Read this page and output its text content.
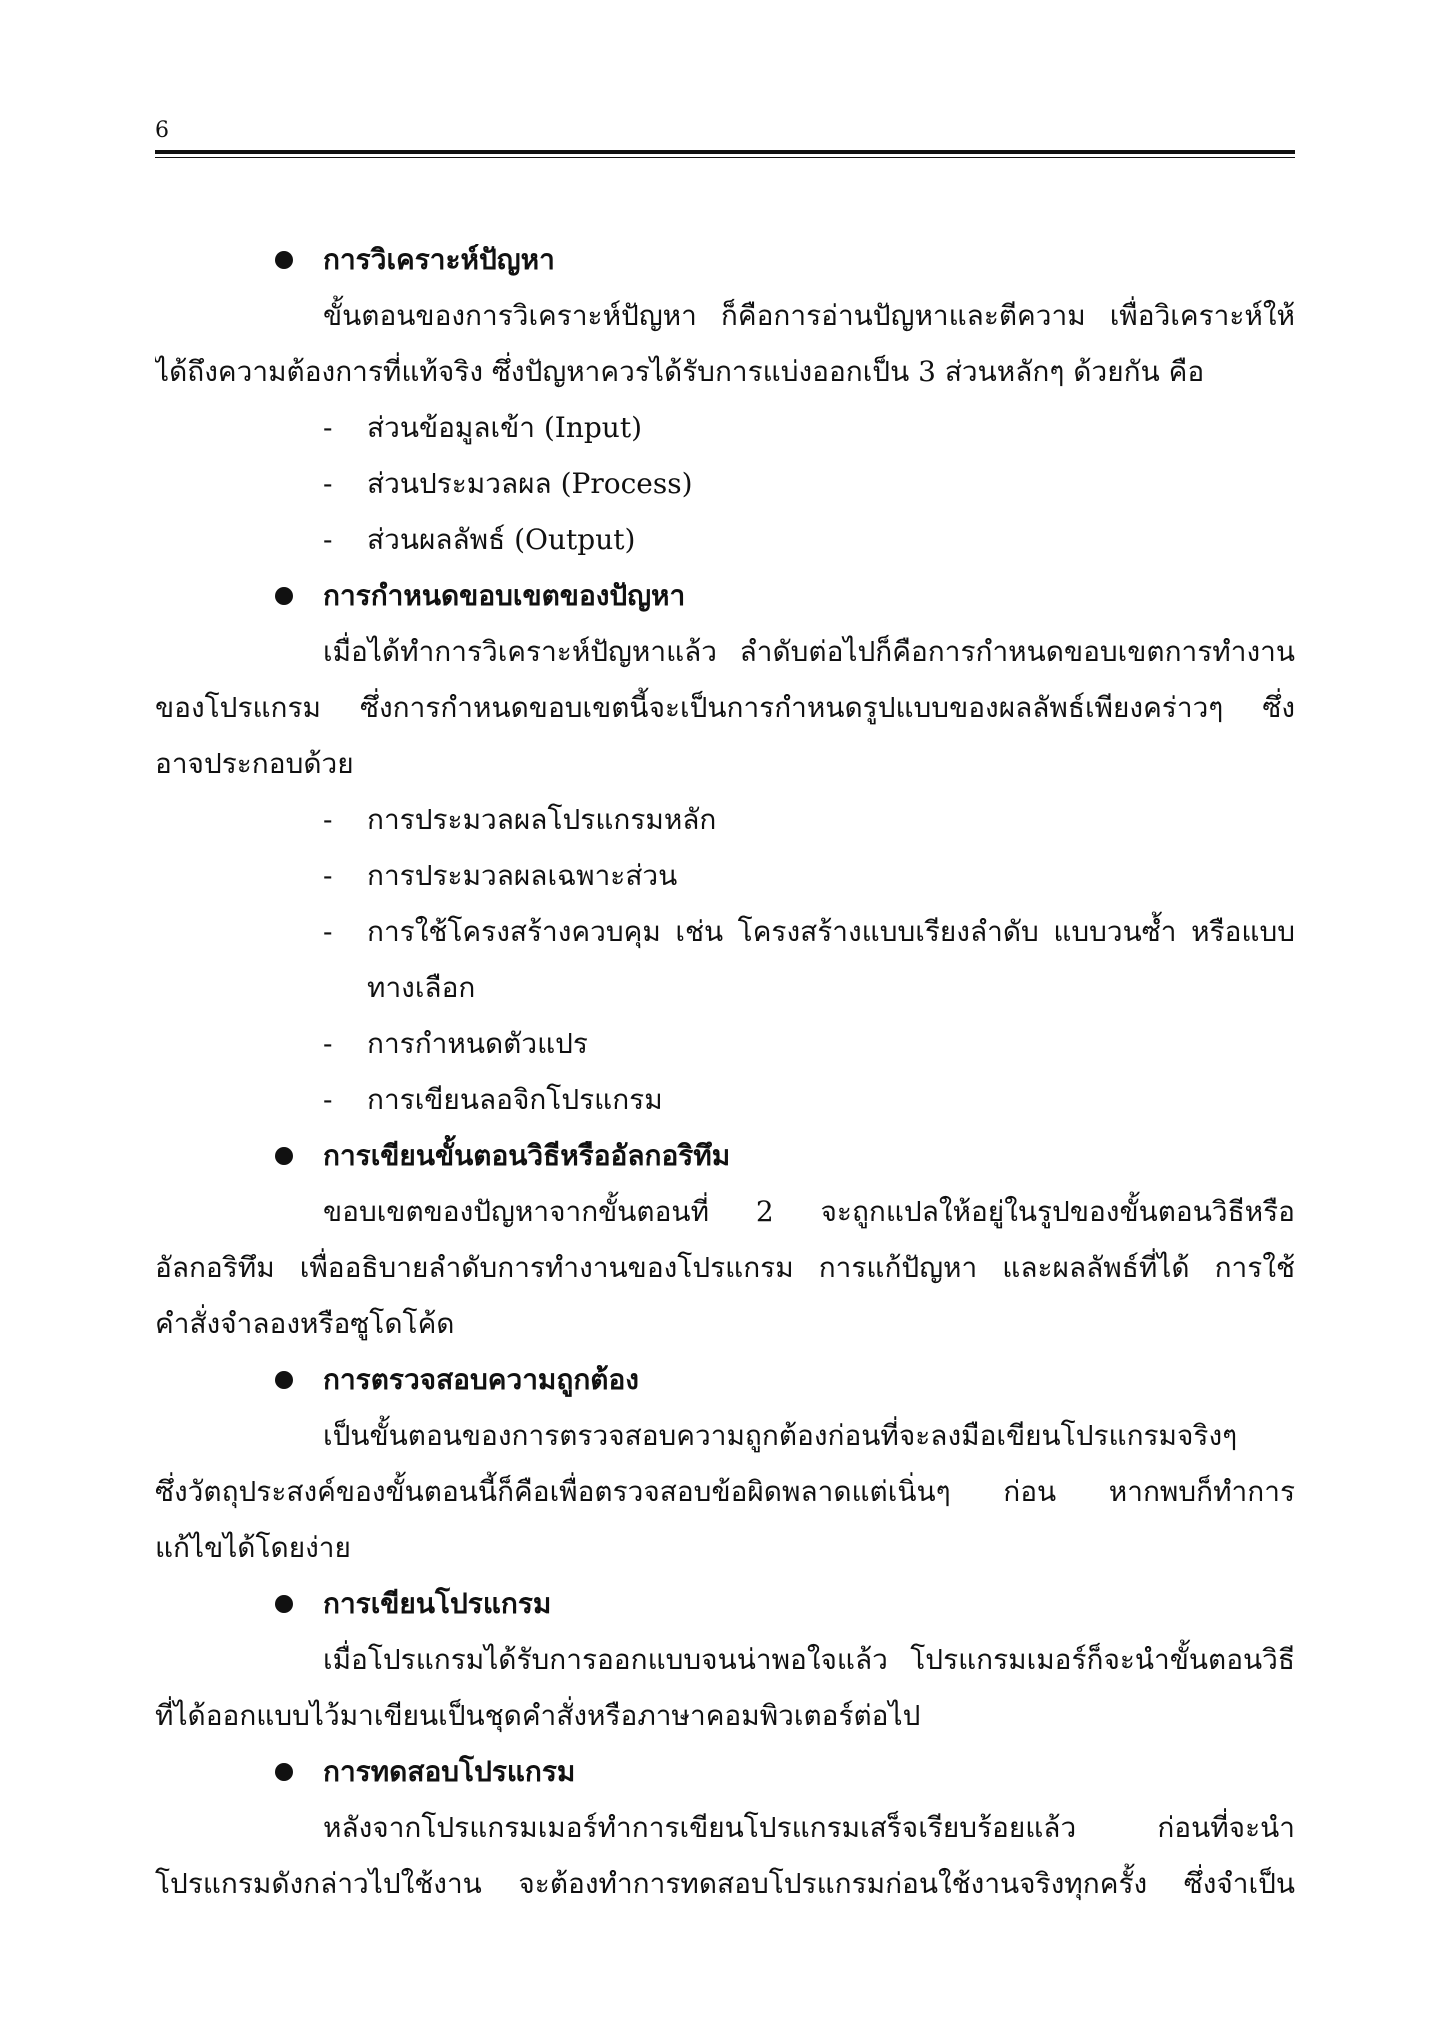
6
การวิเคราะห์ปัญหา
ขั้นตอนของการวิเคราะห์ปัญหา ก็คือการอ่านปัญหาและตีความ เพื่อวิเคราะห์ให้
ได้ถึงความต้องการที่แท้จริง ซึ่งปัญหาควรได้รับการแบ่งออกเป็น 3 ส่วนหลักๆ ด้วยกัน คือ
- ส่วนข้อมูลเข้า (Input)
- ส่วนประมวลผล (Process)
- ส่วนผลลัพธ์ (Output)
การกำหนดขอบเขตของปัญหา
เมื่อได้ทำการวิเคราะห์ปัญหาแล้ว ลำดับต่อไปก็คือการกำหนดขอบเขตการทำงาน
ของโปรแกรม ซึ่งการกำหนดขอบเขตนี้จะเป็นการกำหนดรูปแบบของผลลัพธ์เพียงคร่าวๆ ซึ่ง
อาจประกอบด้วย
- การประมวลผลโปรแกรมหลัก
- การประมวลผลเฉพาะส่วน
- การใช้โครงสร้างควบคุม เช่น โครงสร้างแบบเรียงลำดับ แบบวนซ้ำ หรือแบบ
ทางเลือก
- การกำหนดตัวแปร
- การเขียนลอจิกโปรแกรม
การเขียนขั้นตอนวิธีหรืออัลกอริทึม
ขอบเขตของปัญหาจากขั้นตอนที่ 2 จะถูกแปลให้อยู่ในรูปของขั้นตอนวิธีหรือ
อัลกอริทึม เพื่ออธิบายลำดับการทำงานของโปรแกรม การแก้ปัญหา และผลลัพธ์ที่ได้ การใช้
คำสั่งจำลองหรือซูโดโค้ด
การตรวจสอบความถูกต้อง
เป็นขั้นตอนของการตรวจสอบความถูกต้องก่อนที่จะลงมือเขียนโปรแกรมจริงๆ
ซึ่งวัตถุประสงค์ของขั้นตอนนี้ก็คือเพื่อตรวจสอบข้อผิดพลาดแต่เนิ่นๆ ก่อน หากพบก็ทำการ
แก้ไขได้โดยง่าย
การเขียนโปรแกรม
เมื่อโปรแกรมได้รับการออกแบบจนน่าพอใจแล้ว โปรแกรมเมอร์ก็จะนำขั้นตอนวิธี
ที่ได้ออกแบบไว้มาเขียนเป็นชุดคำสั่งหรือภาษาคอมพิวเตอร์ต่อไป
การทดสอบโปรแกรม
หลังจากโปรแกรมเมอร์ทำการเขียนโปรแกรมเสร็จเรียบร้อยแล้ว ก่อนที่จะนำ
โปรแกรมดังกล่าวไปใช้งาน จะต้องทำการทดสอบโปรแกรมก่อนใช้งานจริงทุกครั้ง ซึ่งจำเป็น
